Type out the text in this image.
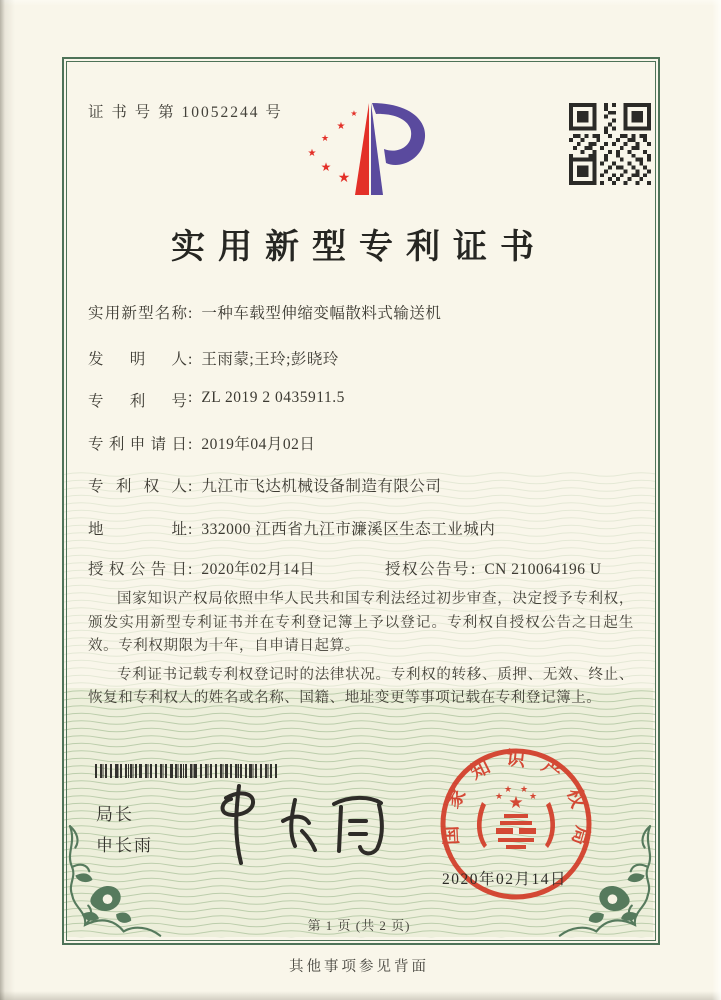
证 书 号 第 10052244 号	★
★
★
★
★
★
实用新型专利证书
实用新型名称: 一种车载型伸缩变幅散料式输送机
发明人: 王雨蒙;王玲;彭晓玲
专利号: ZL 2019 2 0435911.5
专利申请日: 2019年04月02日
专利权人: 九江市飞达机械设备制造有限公司
地址: 332000 江西省九江市濂溪区生态工业城内
授权公告日: 2020年02月14日	授权公告号: CN 210064196 U

国家知识产权局依照中华人民共和国专利法经过初步审查，决定授予专利权，颁发实用新型专利证书并在专利登记簿上予以登记。专利权自授权公告之日起生效。专利权期限为十年，自申请日起算。

专利证书记载专利权登记时的法律状况。专利权的转移、质押、无效、终止、恢复和专利权人的姓名或名称、国籍、地址变更等事项记载在专利登记簿上。

局长
申长雨
国家知识产权局
★
★
★ ★
★
2020年02月14日
第 1 页 (共 2 页)
其他事项参见背面
